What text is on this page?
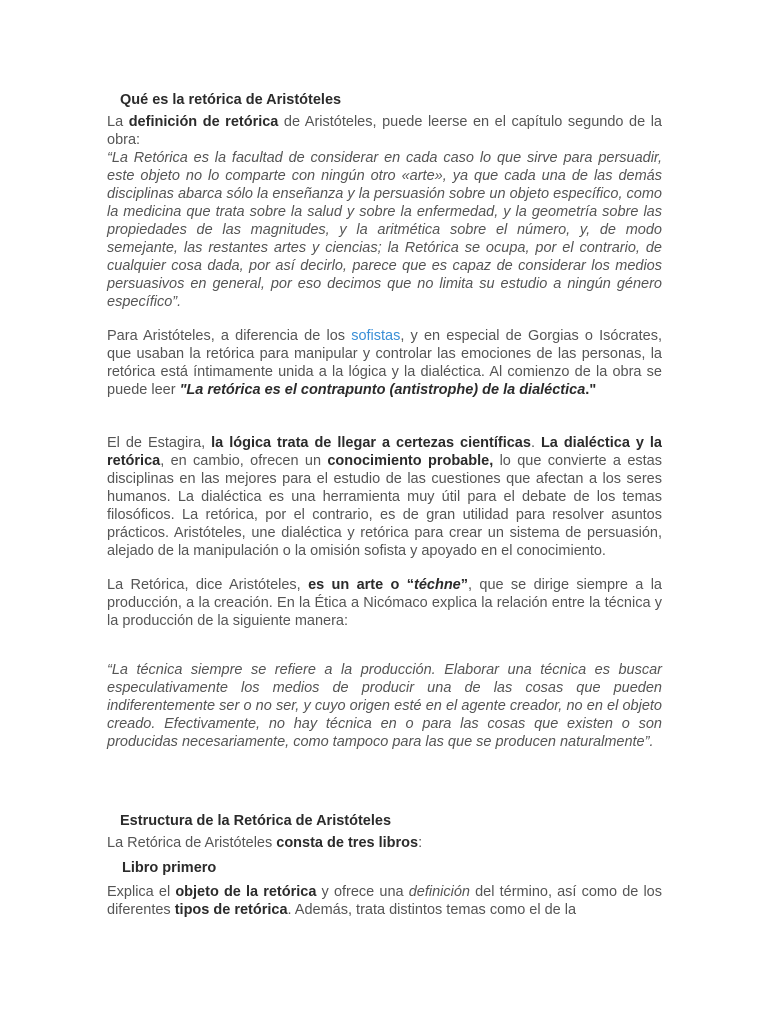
Qué es la retórica de Aristóteles

La definición de retórica de Aristóteles, puede leerse en el capítulo segundo de la obra:

“La Retórica es la facultad de considerar en cada caso lo que sirve para persuadir, este objeto no lo comparte con ningún otro «arte», ya que cada una de las demás disciplinas abarca sólo la enseñanza y la persuasión sobre un objeto específico, como la medicina que trata sobre la salud y sobre la enfermedad, y la geometría sobre las propiedades de las magnitudes, y la aritmética sobre el número, y, de modo semejante, las restantes artes y ciencias; la Retórica se ocupa, por el contrario, de cualquier cosa dada, por así decirlo, parece que es capaz de considerar los medios persuasivos en general, por eso decimos que no limita su estudio a ningún género específico”.

Para Aristóteles, a diferencia de los sofistas, y en especial de Gorgias o Isócrates, que usaban la retórica para manipular y controlar las emociones de las personas, la retórica está íntimamente unida a la lógica y la dialéctica. Al comienzo de la obra se puede leer "La retórica es el contrapunto (antistrophe) de la dialéctica."

El de Estagira, la lógica trata de llegar a certezas científicas. La dialéctica y la retórica, en cambio, ofrecen un conocimiento probable, lo que convierte a estas disciplinas en las mejores para el estudio de las cuestiones que afectan a los seres humanos. La dialéctica es una herramienta muy útil para el debate de los temas filosóficos. La retórica, por el contrario, es de gran utilidad para resolver asuntos prácticos. Aristóteles, une dialéctica y retórica para crear un sistema de persuasión, alejado de la manipulación o la omisión sofista y apoyado en el conocimiento.

La Retórica, dice Aristóteles, es un arte o “téchne”, que se dirige siempre a la producción, a la creación. En la Ética a Nicómaco explica la relación entre la técnica y la producción de la siguiente manera:

“La técnica siempre se refiere a la producción. Elaborar una técnica es buscar especulativamente los medios de producir una de las cosas que pueden indiferentemente ser o no ser, y cuyo origen esté en el agente creador, no en el objeto creado. Efectivamente, no hay técnica en o para las cosas que existen o son producidas necesariamente, como tampoco para las que se producen naturalmente”.

Estructura de la Retórica de Aristóteles

La Retórica de Aristóteles consta de tres libros:

Libro primero

Explica el objeto de la retórica y ofrece una definición del término, así como de los diferentes tipos de retórica. Además, trata distintos temas como el de la
